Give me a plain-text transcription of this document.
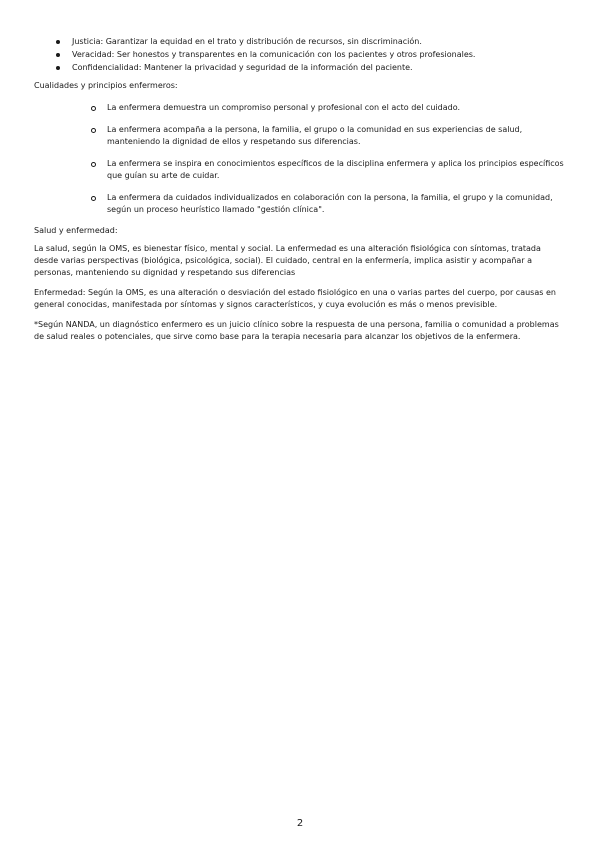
Justicia: Garantizar la equidad en el trato y distribución de recursos, sin discriminación.
Veracidad: Ser honestos y transparentes en la comunicación con los pacientes y otros profesionales.
Confidencialidad: Mantener la privacidad y seguridad de la información del paciente.

Cualidades y principios enfermeros:

La enfermera demuestra un compromiso personal y profesional con el acto del cuidado.
La enfermera acompaña a la persona, la familia, el grupo o la comunidad en sus experiencias de salud, manteniendo la dignidad de ellos y respetando sus diferencias.
La enfermera se inspira en conocimientos específicos de la disciplina enfermera y aplica los principios específicos que guían su arte de cuidar.
La enfermera da cuidados individualizados en colaboración con la persona, la familia, el grupo y la comunidad, según un proceso heurístico llamado "gestión clínica".

Salud y enfermedad:

La salud, según la OMS, es bienestar físico, mental y social. La enfermedad es una alteración fisiológica con síntomas, tratada desde varias perspectivas (biológica, psicológica, social). El cuidado, central en la enfermería, implica asistir y acompañar a personas, manteniendo su dignidad y respetando sus diferencias

Enfermedad: Según la OMS, es una alteración o desviación del estado fisiológico en una o varias partes del cuerpo, por causas en general conocidas, manifestada por síntomas y signos característicos, y cuya evolución es más o menos previsible.

*Según NANDA, un diagnóstico enfermero es un juicio clínico sobre la respuesta de una persona, familia o comunidad a problemas de salud reales o potenciales, que sirve como base para la terapia necesaria para alcanzar los objetivos de la enfermera.

2
